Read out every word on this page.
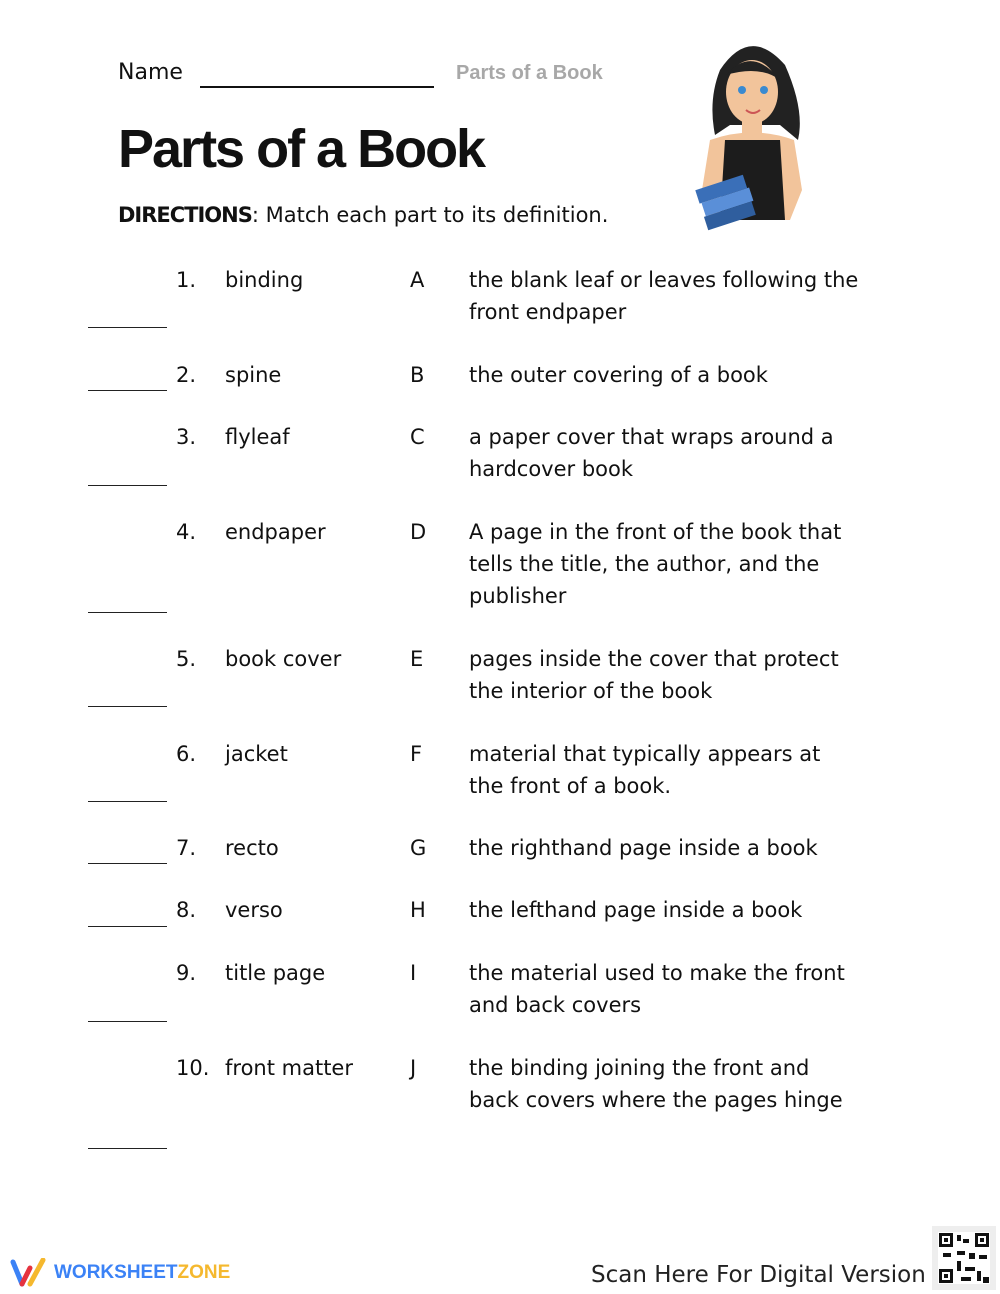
Name	Parts of a Book
Parts of a Book
DIRECTIONS: Match each part to its definition.
1. binding	A the blank leaf or leaves following the front endpaper
2. spine	B the outer covering of a book
3. flyleaf	C a paper cover that wraps around a hardcover book
4. endpaper	D A page in the front of the book that tells the title, the author, and the publisher
5. book cover	E pages inside the cover that protect the interior of the book
6. jacket	F material that typically appears at the front of a book.
7. recto	G the righthand page inside a book
8. verso	H the lefthand page inside a book
9. title page	I	the material used to make the front and back covers
10. front matter	J	the binding joining the front and back covers where the pages hinge
WORKSHEET ZONE	Scan Here For Digital Version
